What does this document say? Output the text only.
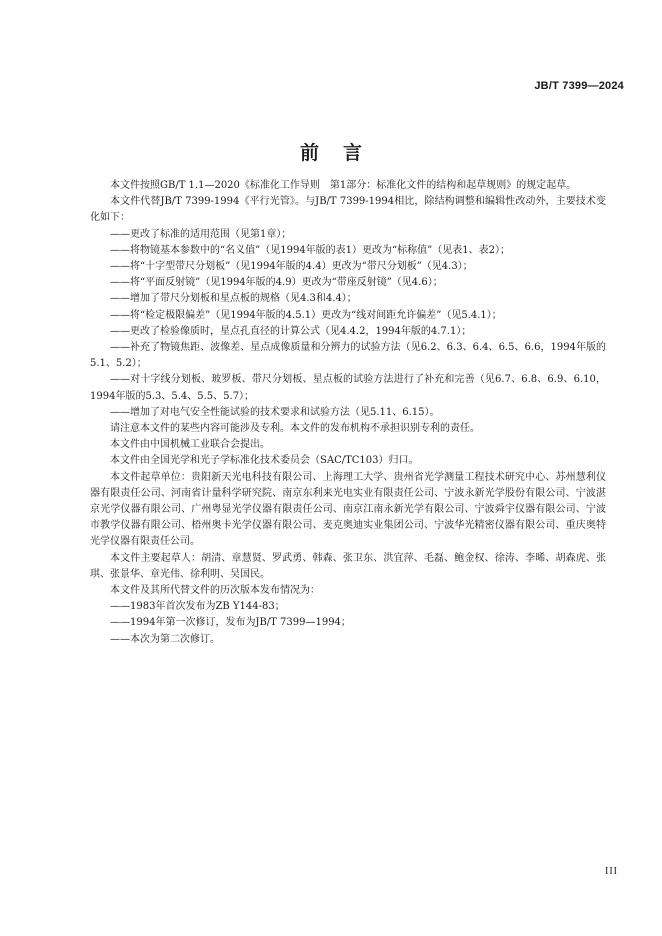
JB/T 7399—2024
前言

本文件按照GB/T 1.1—2020《标准化工作导则　第1部分：标准化文件的结构和起草规则》的规定起草。

本文件代替JB/T 7399-1994《平行光管》。与JB/T 7399-1994相比，除结构调整和编辑性改动外，主要技术变化如下：

——更改了标准的适用范围（见第1章）；

——将物镜基本参数中的“名义值”（见1994年版的表1）更改为“标称值”（见表1、表2）；

——将“十字型带尺分划板”（见1994年版的4.4）更改为“带尺分划板”（见4.3）；

——将“平面反射镜”（见1994年版的4.9）更改为“带座反射镜”（见4.6）；

——增加了带尺分划板和星点板的规格（见4.3和4.4）；

——将“检定极限偏差”（见1994年版的4.5.1）更改为“线对间距允许偏差”（见5.4.1）；

——更改了检验像质时，星点孔直径的计算公式（见4.4.2，1994年版的4.7.1）；

——补充了物镜焦距、波像差、星点成像质量和分辨力的试验方法（见6.2、6.3、6.4、6.5、6.6，1994年版的5.1、5.2）；

——对十字线分划板、玻罗板、带尺分划板、星点板的试验方法进行了补充和完善（见6.7、6.8、6.9、6.10，1994年版的5.3、5.4、5.5、5.7）；

——增加了对电气安全性能试验的技术要求和试验方法（见5.11、6.15）。

请注意本文件的某些内容可能涉及专利。本文件的发布机构不承担识别专利的责任。

本文件由中国机械工业联合会提出。

本文件由全国光学和光子学标准化技术委员会（SAC/TC103）归口。

本文件起草单位：贵阳新天光电科技有限公司、上海理工大学、贵州省光学测量工程技术研究中心、苏州慧利仪器有限责任公司、河南省计量科学研究院、南京东利来光电实业有限责任公司、宁波永新光学股份有限公司、宁波湛京光学仪器有限公司、广州粤显光学仪器有限责任公司、南京江南永新光学有限公司、宁波舜宇仪器有限公司、宁波市教学仪器有限公司、梧州奥卡光学仪器有限公司、麦克奥迪实业集团公司、宁波华光精密仪器有限公司、重庆奥特光学仪器有限责任公司。

本文件主要起草人：胡清、章慧贤、罗武勇、韩森、张卫东、洪宜萍、毛磊、鲍金权、徐涛、李晞、胡森虎、张琪、张景华、章光伟、徐利明、吴国民。

本文件及其所代替文件的历次版本发布情况为：

——1983年首次发布为ZB Y144-83；

——1994年第一次修订，发布为JB/T 7399—1994；

——本次为第二次修订。

III
